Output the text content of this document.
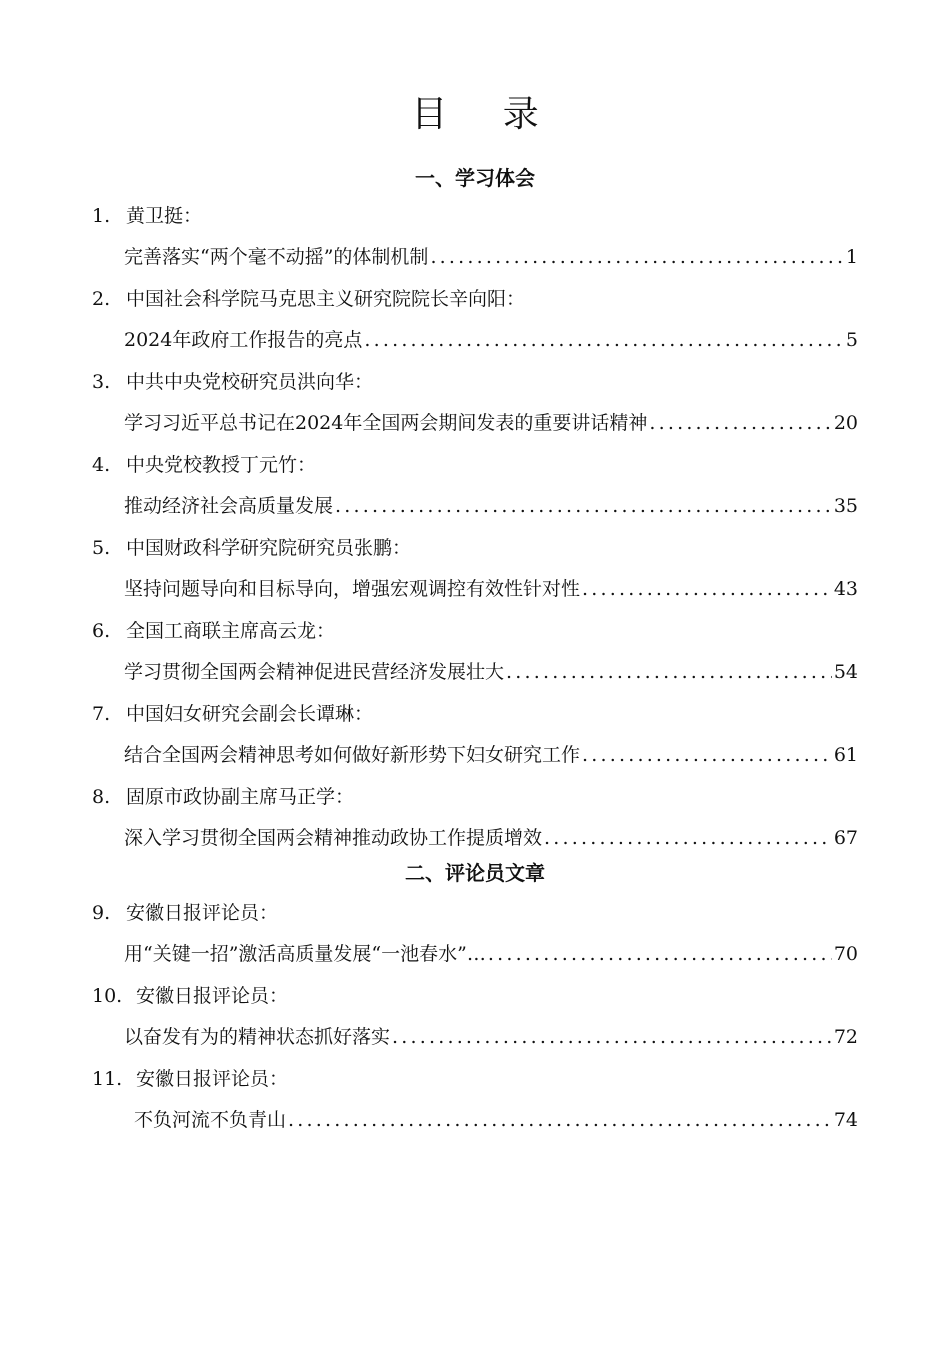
目 录
一、学习体会
1. 黄卫挺：
完善落实“两个毫不动摇”的体制机制 .....	1
2. 中国社会科学院马克思主义研究院院长辛向阳：
2024年政府工作报告的亮点 .....	5
3. 中共中央党校研究员洪向华：
学习习近平总书记在2024年全国两会期间发表的重要讲话精神 .....	20
4. 中央党校教授丁元竹：
推动经济社会高质量发展 .....	35
5. 中国财政科学研究院研究员张鹏：
坚持问题导向和目标导向，增强宏观调控有效性针对性 .....	43
6. 全国工商联主席高云龙：
学习贯彻全国两会精神促进民营经济发展壮大 .....	54
7. 中国妇女研究会副会长谭琳：
结合全国两会精神思考如何做好新形势下妇女研究工作 .....	61
8. 固原市政协副主席马正学：
深入学习贯彻全国两会精神推动政协工作提质增效 .....	67
二、评论员文章
9. 安徽日报评论员：
用“关键一招”激活高质量发展“一池春水”… .....	70
10. 安徽日报评论员：
以奋发有为的精神状态抓好落实 .....	72
11. 安徽日报评论员：
不负河流不负青山 .....	74
